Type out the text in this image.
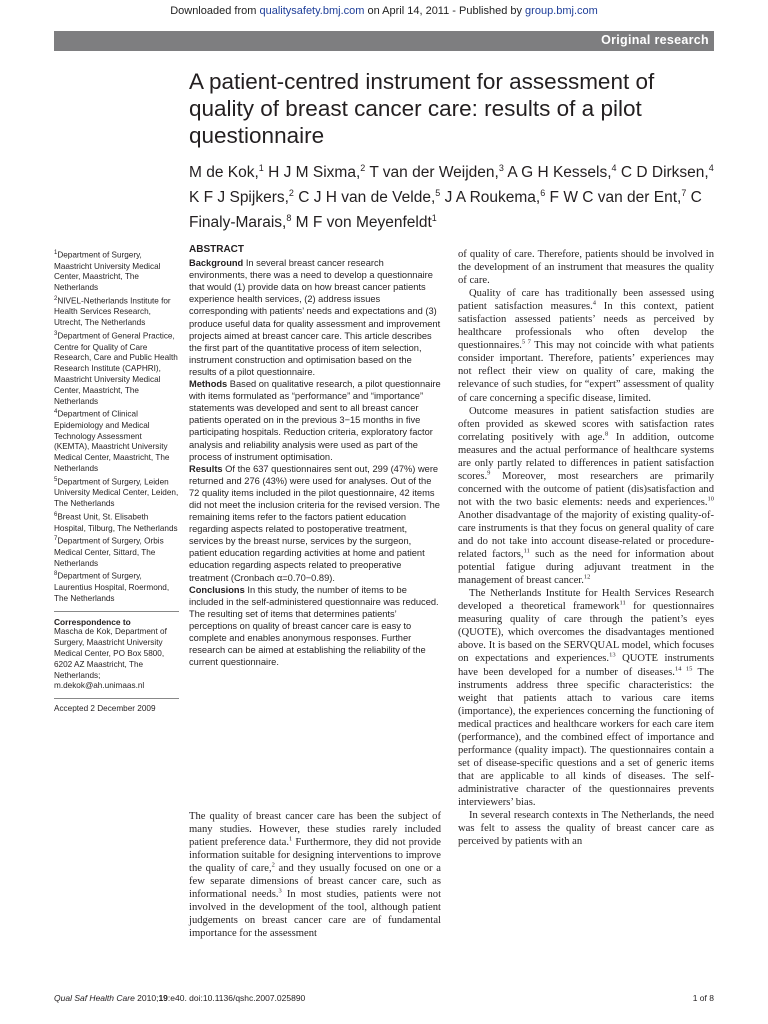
Downloaded from qualitysafety.bmj.com on April 14, 2011 - Published by group.bmj.com
Original research
A patient-centred instrument for assessment of quality of breast cancer care: results of a pilot questionnaire
M de Kok,$^1$ H J M Sixma,$^2$ T van der Weijden,$^3$ A G H Kessels,$^4$ C D Dirksen,$^4$ K F J Spijkers,$^2$ C J H van de Velde,$^5$ J A Roukema,$^6$ F W C van der Ent,$^7$ C Finaly-Marais,$^8$ M F von Meyenfeldt$^1$
$^1$Department of Surgery, Maastricht University Medical Center, Maastricht, The Netherlands
$^2$NIVEL-Netherlands Institute for Health Services Research, Utrecht, The Netherlands
$^3$Department of General Practice, Centre for Quality of Care Research, Care and Public Health Research Institute (CAPHRI), Maastricht University Medical Center, Maastricht, The Netherlands
$^4$Department of Clinical Epidemiology and Medical Technology Assessment (KEMTA), Maastricht University Medical Center, Maastricht, The Netherlands
$^5$Department of Surgery, Leiden University Medical Center, Leiden, The Netherlands
$^6$Breast Unit, St. Elisabeth Hospital, Tilburg, The Netherlands
$^7$Department of Surgery, Orbis Medical Center, Sittard, The Netherlands
$^8$Department of Surgery, Laurentius Hospital, Roermond, The Netherlands
Correspondence to
Mascha de Kok, Department of Surgery, Maastricht University Medical Center, PO Box 5800, 6202 AZ Maastricht, The Netherlands; m.dekok@ah.unimaas.nl
Accepted 2 December 2009
ABSTRACT

Background In several breast cancer research environments, there was a need to develop a questionnaire that would (1) provide data on how breast cancer patients experience health services, (2) address issues corresponding with patients’ needs and expectations and (3) produce useful data for quality assessment and improvement projects aimed at breast cancer care. This article describes the first part of the quantitative process of item selection, instrument construction and optimisation based on the results of a pilot questionnaire.

Methods Based on qualitative research, a pilot questionnaire with items formulated as “performance” and “importance” statements was developed and sent to all breast cancer patients operated on in the previous 3−15 months in five participating hospitals. Reduction criteria, exploratory factor analysis and reliability analysis were used as part of the process of instrument optimisation.

Results Of the 637 questionnaires sent out, 299 (47%) were returned and 276 (43%) were used for analyses. Out of the 72 quality items included in the pilot questionnaire, 42 items did not meet the inclusion criteria for the revised version. The remaining items refer to the factors patient education regarding aspects related to postoperative treatment, services by the breast nurse, services by the surgeon, patient education regarding activities at home and patient education regarding aspects related to preoperative treatment (Cronbach α=0.70−0.89).

Conclusions In this study, the number of items to be included in the self-administered questionnaire was reduced. The resulting set of items that determines patients’ perceptions on quality of breast cancer care is easy to complete and enables anonymous responses. Further research can be aimed at establishing the reliability of the current questionnaire.

The quality of breast cancer care has been the subject of many studies. However, these studies rarely included patient preference data.$^1$ Furthermore, they did not provide information suitable for designing interventions to improve the quality of care,$^2$ and they usually focused on one or a few separate dimensions of breast cancer care, such as informational needs.$^3$ In most studies, patients were not involved in the development of the tool, although patient judgements on breast cancer care are of fundamental importance for the assessment

of quality of care. Therefore, patients should be involved in the development of an instrument that measures the quality of care.

Quality of care has traditionally been assessed using patient satisfaction measures.$^4$ In this context, patient satisfaction assessed patients’ needs as perceived by healthcare professionals who often develop the questionnaires.$^{5 7}$ This may not coincide with what patients consider important. Therefore, patients’ experiences may not reflect their view on quality of care, making the relevance of such studies, for “expert” assessment of quality of care concerning a specific disease, limited.

Outcome measures in patient satisfaction studies are often provided as skewed scores with satisfaction rates correlating positively with age.$^8$ In addition, outcome measures and the actual performance of healthcare systems are only partly related to differences in patient satisfaction scores.$^9$ Moreover, most researchers are primarily concerned with the outcome of patient (dis)satisfaction and not with the two basic elements: needs and experiences.$^{10}$ Another disadvantage of the majority of existing quality-of-care instruments is that they focus on general quality of care and do not take into account disease-related or procedure-related factors,$^{11}$ such as the need for information about potential fatigue during adjuvant treatment in the management of breast cancer.$^{12}$

The Netherlands Institute for Health Services Research developed a theoretical framework$^{11}$ for questionnaires measuring quality of care through the patient’s eyes (QUOTE), which overcomes the disadvantages mentioned above. It is based on the SERVQUAL model, which focuses on expectations and experiences.$^{13}$ QUOTE instruments have been developed for a number of diseases.$^{14 15}$ The instruments address three specific characteristics: the weight that patients attach to various care items (importance), the experiences concerning the functioning of medical practices and healthcare workers for each care item (performance), and the combined effect of importance and performance (quality impact). The questionnaires contain a set of disease-specific questions and a set of generic items that are applicable to all kinds of diseases. The self-administrative character of the questionnaires prevents interviewers’ bias.

In several research contexts in The Netherlands, the need was felt to assess the quality of breast cancer care as perceived by patients with an

Qual Saf Health Care 2010;19:e40. doi:10.1136/qshc.2007.025890	1 of 8
